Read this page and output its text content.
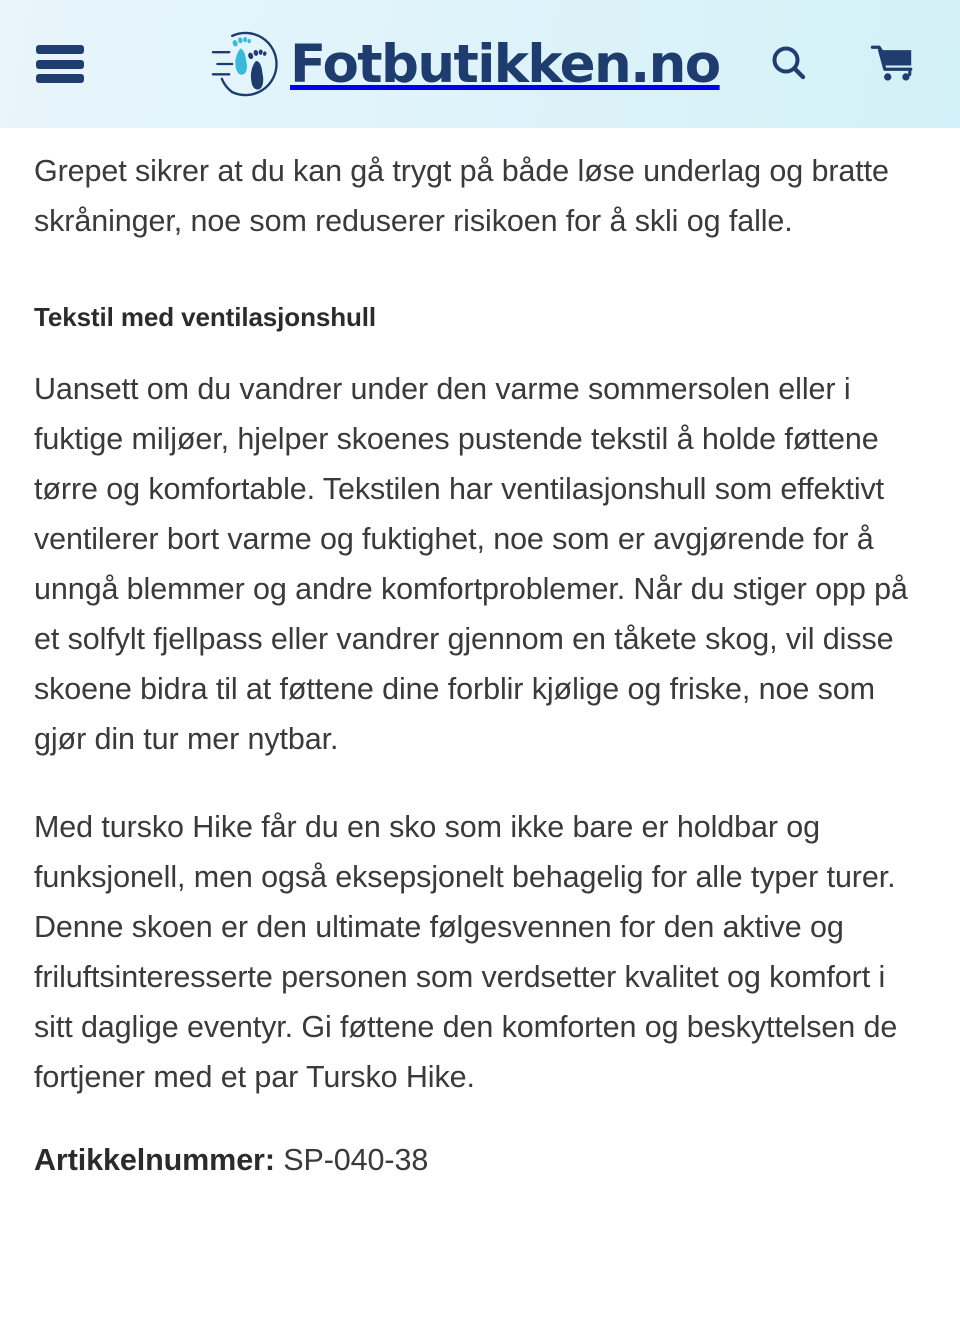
Fotbutikken.no

Grepet sikrer at du kan gå trygt på både løse underlag og bratte skråninger, noe som reduserer risikoen for å skli og falle.

Tekstil med ventilasjonshull

Uansett om du vandrer under den varme sommersolen eller i fuktige miljøer, hjelper skoenes pustende tekstil å holde føttene tørre og komfortable. Tekstilen har ventilasjonshull som effektivt ventilerer bort varme og fuktighet, noe som er avgjørende for å unngå blemmer og andre komfortproblemer. Når du stiger opp på et solfylt fjellpass eller vandrer gjennom en tåkete skog, vil disse skoene bidra til at føttene dine forblir kjølige og friske, noe som gjør din tur mer nytbar.

Med tursko Hike får du en sko som ikke bare er holdbar og funksjonell, men også eksepsjonelt behagelig for alle typer turer. Denne skoen er den ultimate følgesvennen for den aktive og friluftsinteresserte personen som verdsetter kvalitet og komfort i sitt daglige eventyr. Gi føttene den komforten og beskyttelsen de fortjener med et par Tursko Hike.

Artikkelnummer: SP-040-38
